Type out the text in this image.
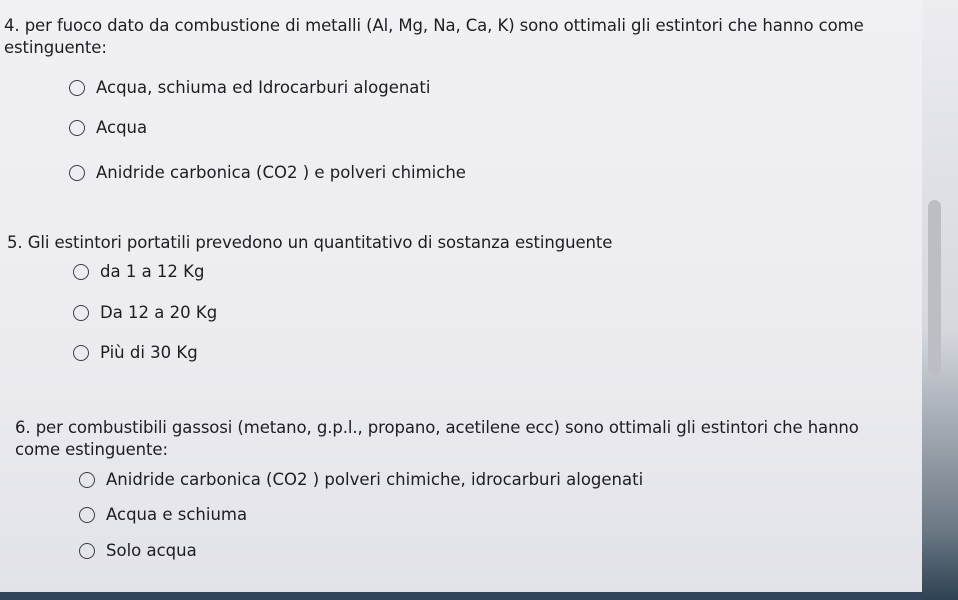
4. per fuoco dato da combustione di metalli (Al, Mg, Na, Ca, K) sono ottimali gli estintori che hanno come estinguente:
Acqua, schiuma ed Idrocarburi alogenati
Acqua
Anidride carbonica (CO2 ) e polveri chimiche
5. Gli estintori portatili prevedono un quantitativo di sostanza estinguente
da 1 a 12 Kg
Da 12 a 20 Kg
Più di 30 Kg
6. per combustibili gassosi (metano, g.p.l., propano, acetilene ecc) sono ottimali gli estintori che hanno come estinguente:
Anidride carbonica (CO2 ) polveri chimiche, idrocarburi alogenati
Acqua e schiuma
Solo acqua
